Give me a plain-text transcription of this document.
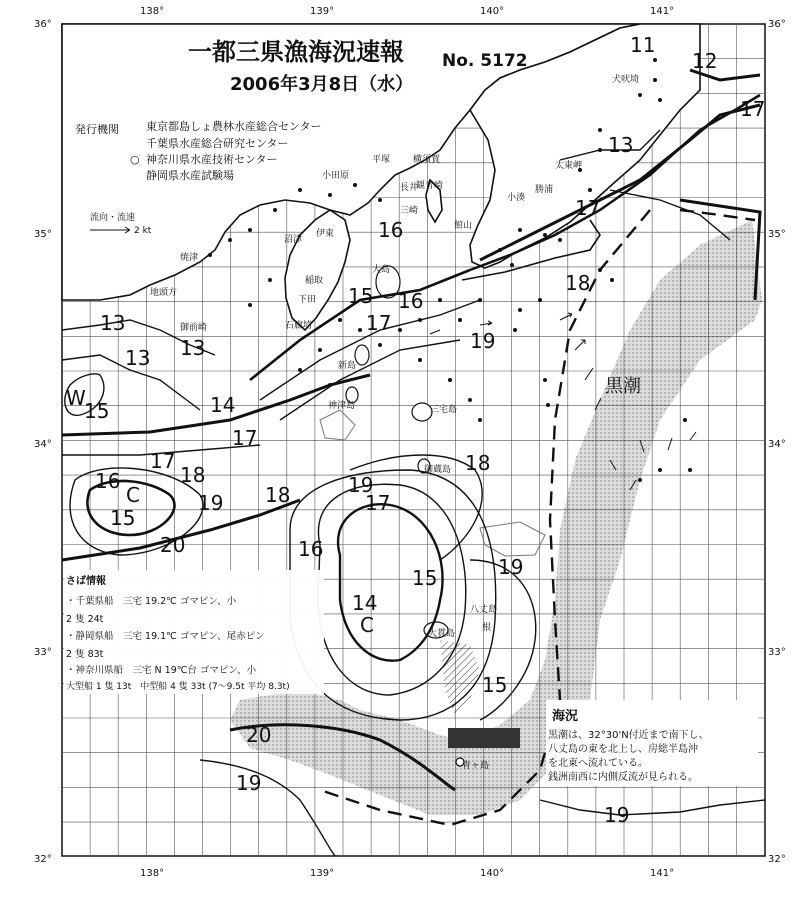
一都三県漁海況速報 No. 5172
2006年3月8日（水）
発行機関 東京都島しょ農林水産総合センター
千葉県水産総合研究センター
○ 神奈川県水産技術センター
静岡県水産試験場
流向・流速
2 kt
138°	139°	140°	141°
138°	139°	140°	141°
36°
35°
34°
33°
32°
36°
35°
34°
33°
32°
犬吠埼
太東岬
勝浦
小湊
平塚	横須賀
小田原
長井
観音崎
三崎
館山
伊東
沼津
稲取
大島
焼津
下田
石廊埼
地頭方
御前崎
新島
神津島	三宅島
御蔵島
八丈島
青ヶ島
大貫島
根
11
12
13
17
17
16
18
15 16
17
19
13
13
13
14
W
15
17
17
18	18
16
C
15
19
20
17
19
18
16
19
15
14
C
15
20
19
19
黒潮
さば情報
・千葉県船　三宅 19.2℃ ゴマピン、小
2 隻 24t
・静岡県船　三宅 19.1℃ ゴマピン、尾赤ピン
2 隻 83t
・神奈川県船　三宅 N 19℃台 ゴマピン、小
大型船 1 隻 13t　中型船 4 隻 33t (7～9.5t 平均 8.3t)
海況
黒潮は、32°30'N付近まで南下し、
八丈島の東を北上し、房総半島沖
を北東へ流れている。
銭洲南西に内側反流が見られる。
